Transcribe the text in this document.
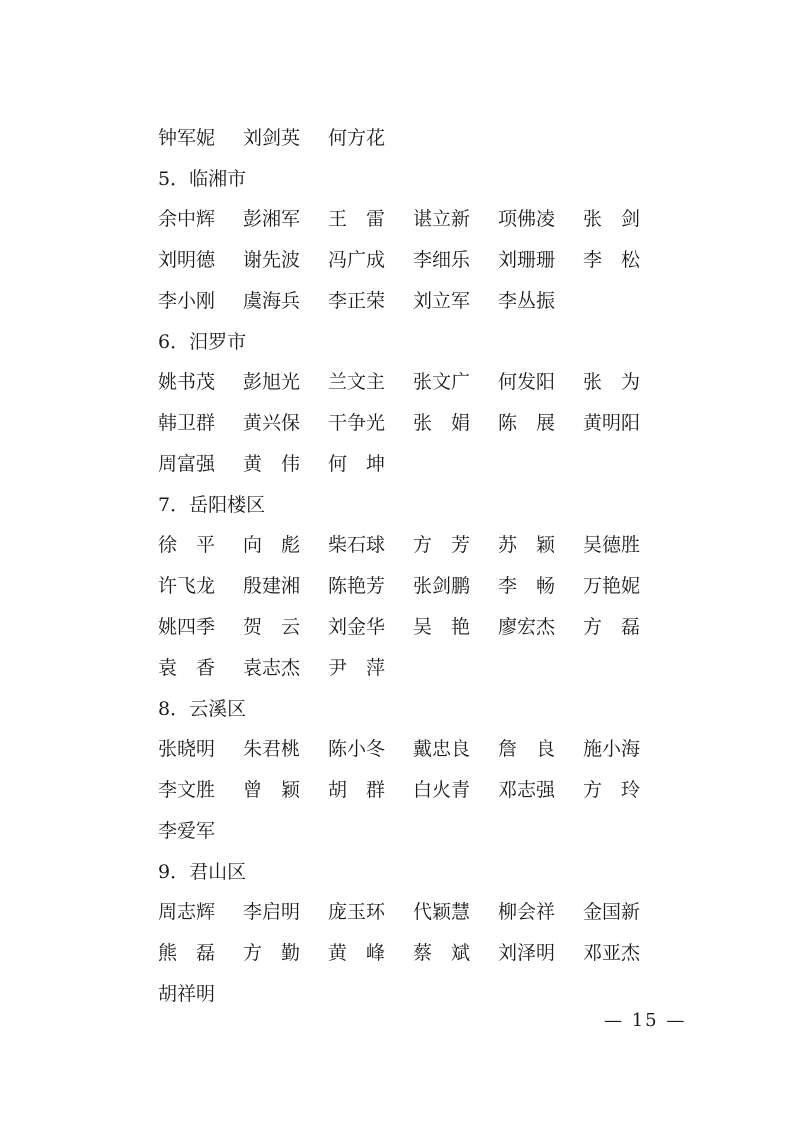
钟军妮	刘剑英	何方花
5．临湘市
余中辉	彭湘军	王　雷	谌立新	项佛凌	张　剑
刘明德	谢先波	冯广成	李细乐	刘珊珊	李　松
李小刚	虞海兵	李正荣	刘立军	李丛振
6．汨罗市
姚书茂	彭旭光	兰文主	张文广	何发阳	张　为
韩卫群	黄兴保	干争光	张　娟	陈　展	黄明阳
周富强	黄　伟	何　坤
7．岳阳楼区
徐　平	向　彪	柴石球	方　芳	苏　颖	吴德胜
许飞龙	殷建湘	陈艳芳	张剑鹏	李　畅	万艳妮
姚四季	贺　云	刘金华	吴　艳	廖宏杰	方　磊
袁　香	袁志杰	尹　萍
8．云溪区
张晓明	朱君桃	陈小冬	戴忠良	詹　良	施小海
李文胜	曾　颖	胡　群	白火青	邓志强	方　玲
李爱军
9．君山区
周志辉	李启明	庞玉环	代颖慧	柳会祥	金国新
熊　磊	方　勤	黄　峰	蔡　斌	刘泽明	邓亚杰
胡祥明
— 15 —
